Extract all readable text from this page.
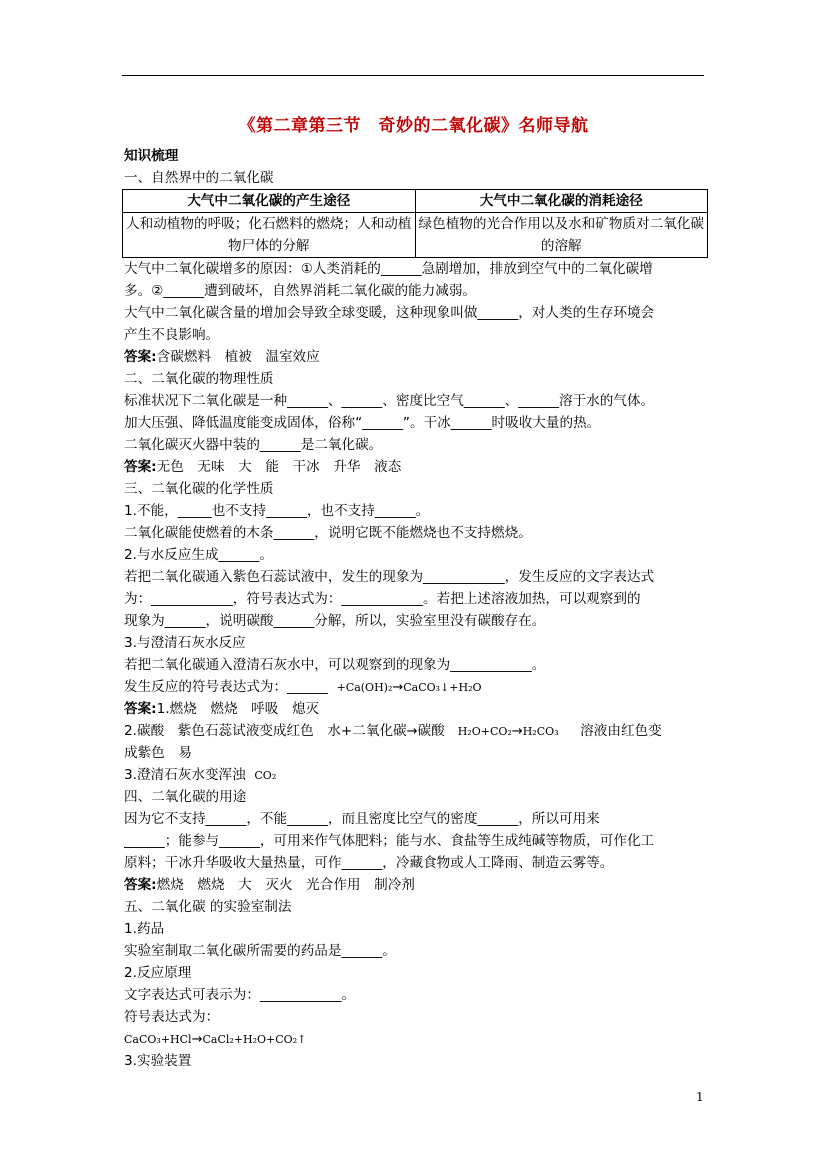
《第二章第三节　奇妙的二氧化碳》名师导航
知识梳理
一、自然界中的二氧化碳
大气中二氧化碳的产生途径	大气中二氧化碳的消耗途径
人和动植物的呼吸；化石燃料的燃烧；人和动植物尸体的分解	绿色植物的光合作用以及水和矿物质对二氧化碳的溶解
大气中二氧化碳增多的原因：①人类消耗的______急剧增加，排放到空气中的二氧化碳增
多。②______遭到破坏，自然界消耗二氧化碳的能力减弱。
大气中二氧化碳含量的增加会导致全球变暖，这种现象叫做______，对人类的生存环境会
产生不良影响。
答案:含碳燃料　植被　温室效应
二、二氧化碳的物理性质
标准状况下二氧化碳是一种______、______、密度比空气______、______溶于水的气体。
加大压强、降低温度能变成固体，俗称“______”。干冰______时吸收大量的热。
二氧化碳灭火器中装的______是二氧化碳。
答案:无色　无味　大　能　干冰　升华　液态
三、二氧化碳的化学性质
1.不能，_____也不支持______，也不支持______。
二氧化碳能使燃着的木条______，说明它既不能燃烧也不支持燃烧。
2.与水反应生成______。
若把二氧化碳通入紫色石蕊试液中，发生的现象为____________，发生反应的文字表达式
为：____________，符号表达式为：____________。若把上述溶液加热，可以观察到的
现象为______，说明碳酸______分解，所以，实验室里没有碳酸存在。
3.与澄清石灰水反应
若把二氧化碳通入澄清石灰水中，可以观察到的现象为____________。
发生反应的符号表达式为：______ +Ca(OH)₂→CaCO₃↓+H₂O
答案:1.燃烧　燃烧　呼吸　熄灭
2.碳酸　紫色石蕊试液变成红色　水+二氧化碳→碳酸 H₂O+CO₂→H₂CO₃ 溶液由红色变
成紫色　易
3.澄清石灰水变浑浊 CO₂
四、二氧化碳的用途
因为它不支持______，不能______，而且密度比空气的密度______，所以可用来
______；能参与______，可用来作气体肥料；能与水、食盐等生成纯碱等物质，可作化工
原料；干冰升华吸收大量热量，可作______，冷藏食物或人工降雨、制造云雾等。
答案:燃烧　燃烧　大　灭火　光合作用　制冷剂
五、二氧化碳 的实验室制法
1.药品
实验室制取二氧化碳所需要的药品是______。
2.反应原理
文字表达式可表示为：____________。
符号表达式为：
CaCO₃+HCl→CaCl₂+H₂O+CO₂↑
3.实验装置
1
